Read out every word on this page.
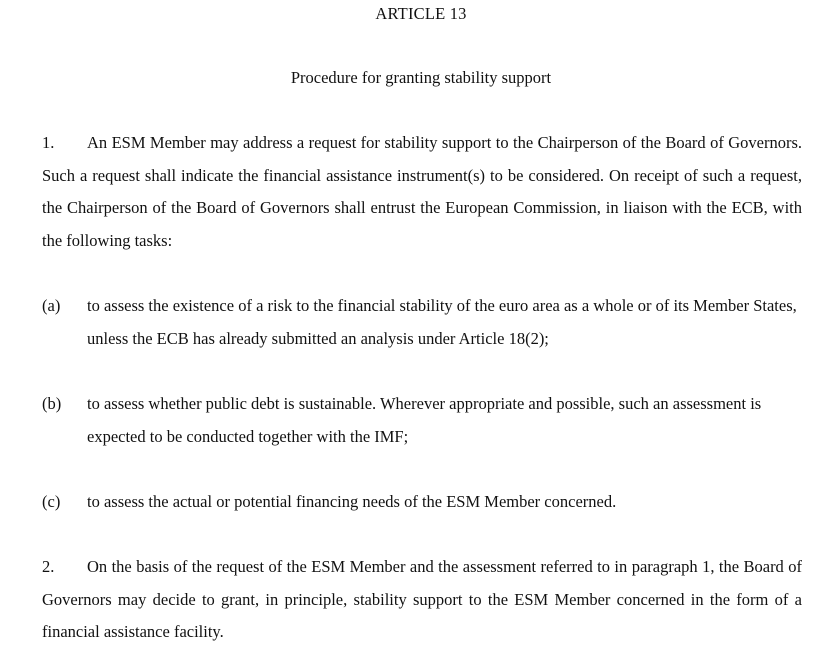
ARTICLE 13
Procedure for granting stability support
1. An ESM Member may address a request for stability support to the Chairperson of the Board of Governors. Such a request shall indicate the financial assistance instrument(s) to be considered. On receipt of such a request, the Chairperson of the Board of Governors shall entrust the European Commission, in liaison with the ECB, with the following tasks:
(a)	to assess the existence of a risk to the financial stability of the euro area as a whole or of its Member States, unless the ECB has already submitted an analysis under Article 18(2);
(b)	to assess whether public debt is sustainable. Wherever appropriate and possible, such an assessment is expected to be conducted together with the IMF;
(c)	to assess the actual or potential financing needs of the ESM Member concerned.
2. On the basis of the request of the ESM Member and the assessment referred to in paragraph 1, the Board of Governors may decide to grant, in principle, stability support to the ESM Member concerned in the form of a financial assistance facility.
